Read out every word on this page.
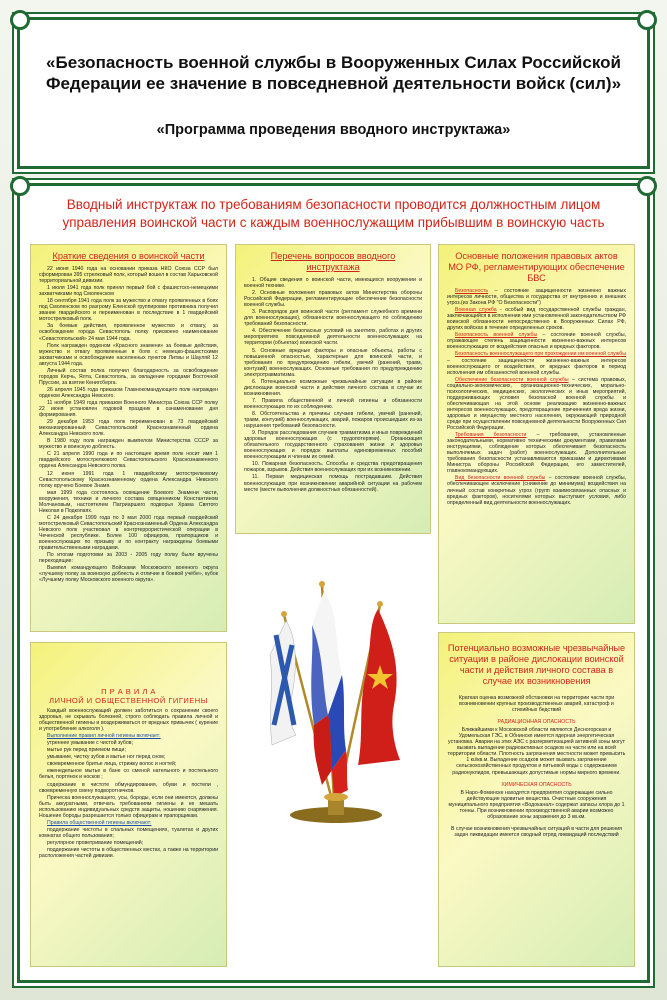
«Безопасность военной службы в Вооруженных Силах Российской Федерации ее значение в повседневной деятельности войск (сил)»
«Программа проведения вводного инструктажа»
Вводный инструктаж по требованиям безопасности проводится должностным лицом управления воинской части с каждым военнослужащим прибывшим в воинскую часть
Краткие сведения о воинской части

22 июня 1940 года на основании приказа НКО Союза ССР был сформирован 395 стрелковый полк, который вошел в состав Харьковской территориальной дивизии.

1 июля 1941 года полк принял первый бой с фашистско-немецкими захватчиками под Смоленском

18 сентября 1941 года полк за мужество и отвагу проявленных в боях под Смоленском по разгрому Еленской группировки противника получил звание гвардейского и переименован в последствие в 1 гвардейский мотострелковый полк.

За боевые действия, проявленное мужество и отвагу, за освобождение города Севастополь полку присвоено наименование «Севастопольский» 24 мая 1944 года.

Полк награжден орденом «Красного знамени» за боевые действия, мужество и отвагу проявленные в боях с немецко-фашистскими захватчиками и освобождение населенных пунктов Литвы и Шауляй 12 августа 1944 года.

Личный состав полка получил благодарность за освобождение городов Керчь, Ялта, Севастополь, за овладение городами Восточной Пруссии, за взятие Кенигсберга.

26 апреля 1945 года приказом Главнокомандующего полк награжден орденом Александра Невского.

11 ноября 1949 года приказом Военного Министра Союза ССР полку 22 июня установлен годовой праздник в ознаменование дня формирования.

29 декабря 1953 года полк переименован в 73 гвардейский механизированный Севастопольский Краснознаменный ордена Александра Невского полк.

В 1980 году полк награжден вымпелом Министерства СССР за мужество и воинскую доблесть.

С 21 апреля 1990 года и по настоящее время полк носит имя 1 гвардейского мотострелкового Севастопольского Краснознаменного ордена Александра Невского полка.

12 июня 1991 года 1 гвардейскому мотострелковому Севастопольскому Краснознаменному ордена Александра Невского полку вручено Боевое Знамя.

мая 1999 года состоялось освящение Боевого Знамени части, вооружения, техники и личного состава священником Константином Молчановым, настоятелем Патриаршего подворья Храма Святого Николая в Подкопаях.

С 24 декабря 1999 года по 3 мая 2000 года первый гвардейский мотострелковый Севастопольский Краснознаменный Ордена Александра Невского полк участвовал в контртеррористической операции в Чеченской республике. Более 100 офицеров, прапорщиков и военнослужащих по призыву и по контракту награждены боевыми правительственными наградами.

По итогам подготовки за 2003 - 2005 году полку были вручены переходящие:

Вымпел командующего Войсками Московского военного округа «лучшему полку за воинскую доблесть и отличие в боевой учёбе», кубок «Лучшему полку Московского военного округа».

Перечень вопросов вводного инструктажа

1. Общие сведения о воинской части, имеющихся вооружении и военной технике.

2. Основные положения правовых актов Министерства обороны Российской Федерации, регламентирующие обеспечение безопасности военной службы.

3. Распорядок дня воинской части (регламент служебного времени для военнослужащих), обязанности военнослужащего по соблюдению требований безопасности.

4. Обеспечение безопасных условий на занятиях, работах и других мероприятиях повседневной деятельности военнослужащих на территории (объектах) воинской части.

5. Основные вредные факторы и опасные объекты, работы с повышенной опасностью, характерные для воинской части, и требования по предупреждению гибели, увечий (ранений, травм, контузий) военнослужащих. Основные требования по предупреждению электротравматизма.

6. Потенциально возможные чрезвычайные ситуации в районе дислокации воинской части и действия личного состава в случае их возникновения.

7. Правила общественной и личной гигиены и обязанности военнослужащих по их соблюдению.

8. Обстоятельства и причины случаев гибели, увечий (ранений, травм, контузий) военнослужащих, аварий, пожаров происшедших из-за нарушения требований безопасности.

9. Порядок расследования случаев травматизма и иных повреждений здоровья военнослужащих (с трудопотерями). Организация обязательного государственного страхования жизни и здоровья военнослужащих и порядок выплаты единовременных пособий военнослужащим и членам их семей.

10. Пожарная безопасность. Способы и средства предотвращения пожаров, взрывов. Действия военнослужащих при их возникновении.

11. Первая медицинская помощь пострадавшим. Действия военнослужащих при возникновении аварийной ситуации на рабочем месте (месте выполнения должностных обязанностей).

Основные положения правовых актов МО РФ, регламентирующих обеспечение БВС

Безопасность – состояние защищенности жизненно важных интересов личности, общества и государства от внутренних и внешних угроз.(из Закона РФ "О Безопасности")

Военная служба - особый вид государственной службы граждан, заключающийся в исполнении ими установленной законодательством РФ воинской обязанности непосредственно в Вооруженных Силах РФ, других войсках в течение определенных сроков.

Безопасность военной службы – состояние военной службы, отражающее степень защищенности жизненно-важных интересов военнослужащих от воздействия опасных и вредных факторов.

Безопасность военнослужащего при прохождении им военной службы – состояние защищенности жизненно-важных интересов военнослужащего от воздействия, от вредных факторов в период исполнения им обязанностей военной службы.

Обеспечение безопасности военной службы – система правовых, социально-экономических, организационно-технических, морально-психологических, медицинских, экологических и иных мероприятий, поддерживающих условия безопасной военной службы и обеспечивающая на этой основе реализацию жизненно-важных интересов военнослужащих, предотвращение причинения вреда жизни, здоровью и имуществу местного населения, окружающей природной среде при осуществлении повседневной деятельности Вооруженных Сил Российской Федерации.

Требования безопасности – требования, установленные законодательными, нормативно техническими документами, правилами инструкциями, соблюдение которых обеспечивает безопасность выполняемых задач (работ) военнослужащих. Дополнительные требования безопасности устанавливаются приказами и директивами Министра обороны Российской Федерации, его заместителей, главнокомандующих.

Вид безопасности военной службы – состояние военной службы, обеспечивающее исключение (снижение до минимума) воздействия на личный состав конкретных угроз (групп взаимосвязанных опасных и вредных факторов), носителями которых выступают условия, либо определенный вид деятельности военнослужащих.

П Р А В И Л А
ЛИЧНОЙ И ОБЩЕСТВЕННОЙ ГИГИЕНЫ

Каждый военнослужащий должен заботиться о сохранении своего здоровья, не скрывать болезней, строго соблюдать правила личной и общественной гигиены и воздерживаться от вредных привычек ( курение и употребление алкоголя ).

Выполнение правил личной гигиены включает:

утреннее умывание с чистой зубов;

мытье рук перед приемом пищи;

умывание, чистку зубов и мытье ног перед сном;

своевременное бритье лица, стрижку волос и ногтей;

еженедельное мытье в бане со сменой нательного и постельного белья, портянок и носков ;

содержание в чистоте обмундирования, обуви и постели , своевременную смену подворотничков.

Прическа военнослужащего, усы, бороды, если они имеются, должны быть аккуратными, отвечать требованиям гигиены и не мешать использованию индивидуальных средств защиты, ношению снаряжения. Ношение бороды разрешается только офицерам и прапорщикам.

Правила общественной гигиены включают:

поддержание чистоты в спальных помещениях, туалетах и других комнатах общего пользования;

регулярное проветривание помещений;

поддержание чистоты в общественных местах, а также на территории расположения частей дивизии.

Потенциально возможные чрезвычайные ситуации в районе дислокации воинской части и действия личного состава в случае их возникновения

Краткая оценка возможной обстановки на территории части при возникновении крупных производственных аварий, катастроф и стихийных бедствий

РАДИАЦИОННАЯ ОПАСНОСТЬ

Ближайшими к Московской области являются Десногорская и Удомельская ГЭС, в Обнинске имеется ядерная энергетическая установка. Аварии на этих АЭС с разгерметизацией активной зоны могут вызвать выпадение радиоактивных осадков на части или на всей территории области. Плотность загрязнения местности может превысить 1 кu\кв.м. Выпадение осадков может вызвать загрязнение сельскохозяйственных продуктов и питьевой воды с содержанием радионуклидов, превышающих допустимые нормы мирного времени.

ХИМИЧЕСКАЯ ОПАСНОСТЬ

В Наро-Фоминске находятся предприятия содержащие сильно действующие ядовитые вещества. Очистные сооружения муниципального предприятия «Водоканал» содержат запасы хлора до 1 тонны. При возникновении производственной аварии возможно образование зоны заражения до 3 кв.км.

В случае возникновения чрезвычайных ситуаций в части для решения задач ликвидации имеется сводный отряд ликвидаций последствий
